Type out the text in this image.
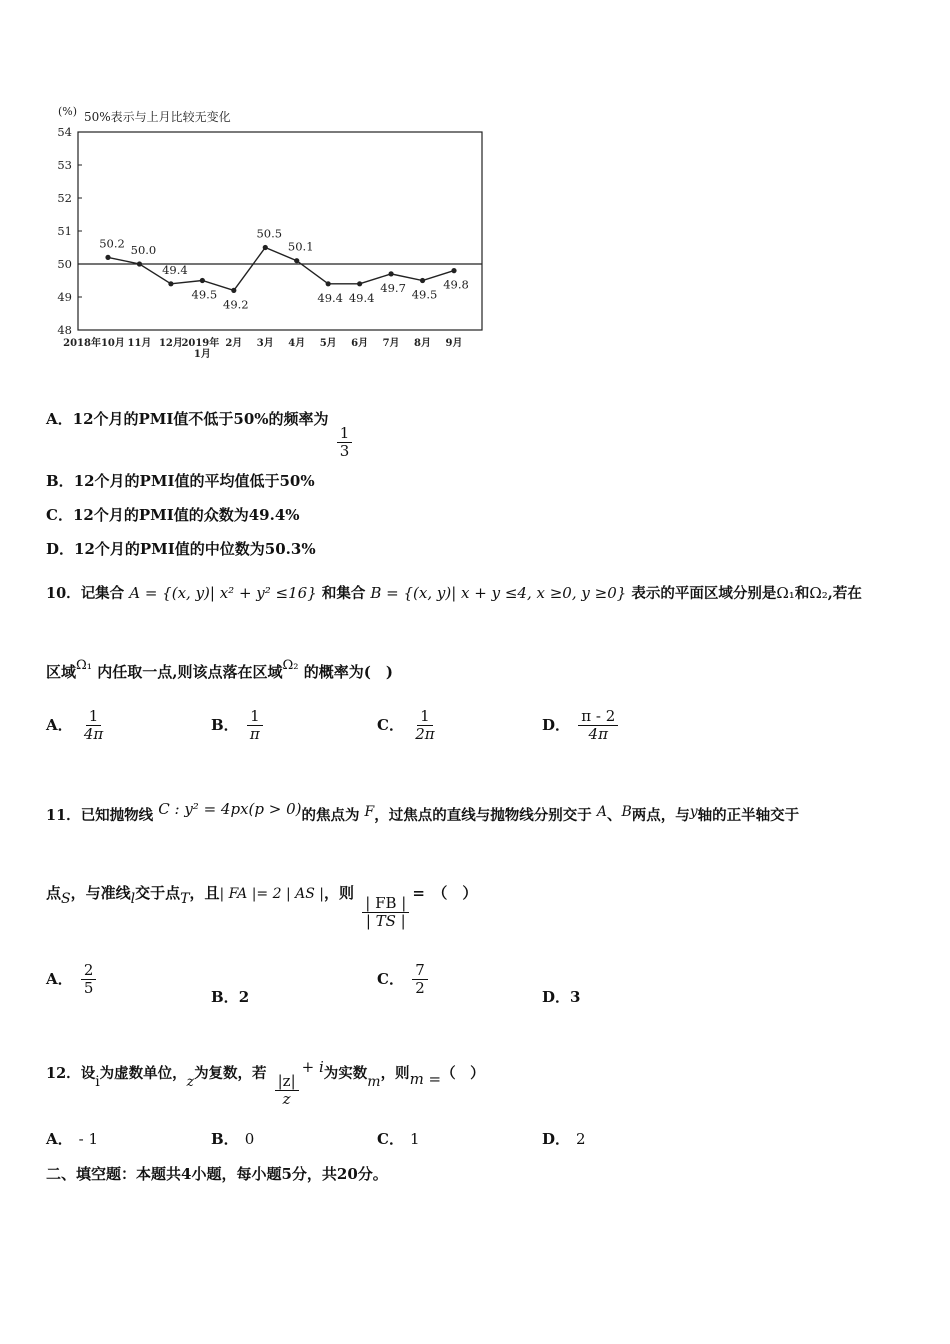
(%) 50%表示与上月比较无变化
54
53
52
51
50
49
48
2018年10月 11月 12月
2019年
1月
2月 3月 4月 5月 6月 7月 8月 9月
50.2 50.0
49.4
49.5
49.2
50.5
50.1
49.4 49.4
49.7 49.5
49.8
A．12个月的PMI值不低于50%的频率为
$\frac{1}{3}$
B．12个月的PMI值的平均值低于50%
C．12个月的PMI值的众数为49.4%
D．12个月的PMI值的中位数为50.3%
10．记集合 A = {(x, y)| x² + y² ≤16} 和集合 B = {(x, y)| x + y ≤4, x ≥0, y ≥0} 表示的平面区域分别是Ω₁和Ω₂,若在
区域Ω₁ 内任取一点,则该点落在区域Ω₂ 的概率为(　)
A． $\frac{1}{4\pi}$	B． $\frac{1}{\pi}$	C． $\frac{1}{2\pi}$	D． $\frac{\pi - 2}{4\pi}$
11．已知抛物线 C : y² = 4px(p > 0)的焦点为 F，过焦点的直线与抛物线分别交于 A、B两点，与y轴的正半轴交于
点S，与准线l交于点T，且| FA |= 2 | AS |，则
$\frac{| FB |}{| TS |}$
=　（　）
A． $\frac{2}{5}$	B．2
C． $\frac{7}{2}$	D．3
12．设i为虚数单位，z为复数，若 $\frac{|z|}{z}$
+ i为实数m，则m =（　）
A． - 1	B． 0	C． 1	D． 2
二、填空题：本题共4小题，每小题5分，共20分。
